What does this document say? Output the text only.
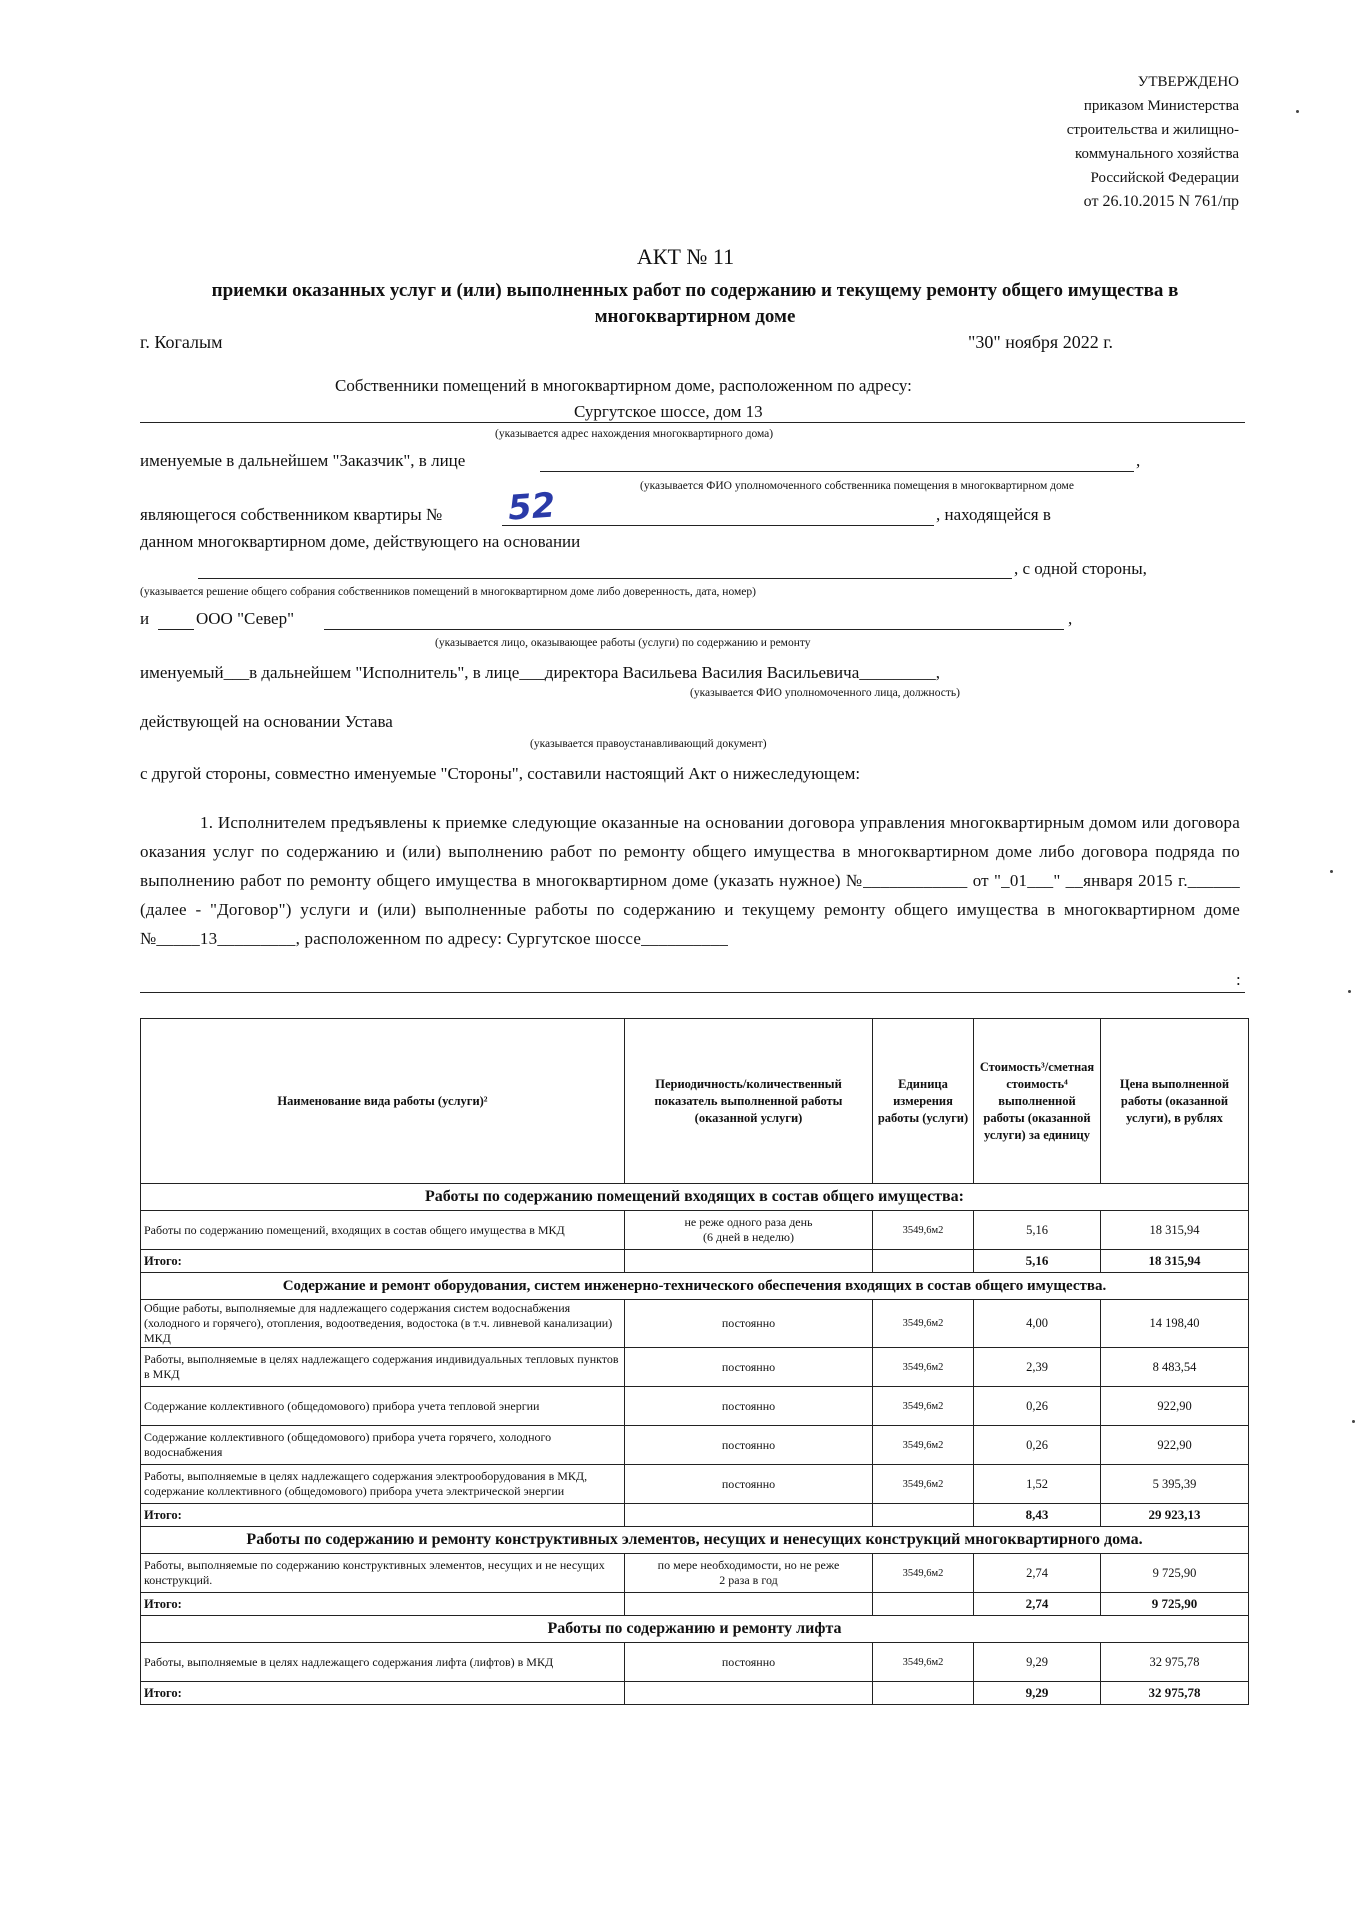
УТВЕРЖДЕНО
приказом Министерства
строительства и жилищно-
коммунального хозяйства
Российской Федерации
от 26.10.2015 N 761/пр
АКТ № 11
приемки оказанных услуг и (или) выполненных работ по содержанию и текущему ремонту общего имущества в многоквартирном доме
г. Когалым	"30" ноября 2022 г.
Собственники помещений в многоквартирном доме, расположенном по адресу:
Сургутское шоссе, дом 13
(указывается адрес нахождения многоквартирного дома)
именуемые в дальнейшем "Заказчик", в лице	,
(указывается ФИО уполномоченного собственника помещения в многоквартирном доме
являющегося собственником квартиры № 52	, находящейся в
данном многоквартирном доме, действующего на основании
, с одной стороны,
(указывается решение общего собрания собственников помещений в многоквартирном доме либо доверенность, дата, номер)
и	ООО "Север"	,
(указывается лицо, оказывающее работы (услуги) по содержанию и ремонту
именуемый___в дальнейшем "Исполнитель", в лице___директора Васильева Василия Васильевича_________,
(указывается ФИО уполномоченного лица, должность)
действующей на основании Устава
(указывается правоустанавливающий документ)
с другой стороны, совместно именуемые "Стороны", составили настоящий Акт о нижеследующем:
1. Исполнителем предъявлены к приемке следующие оказанные на основании договора управления многоквартирным домом или договора оказания услуг по содержанию и (или) выполнению работ по ремонту общего имущества в многоквартирном доме либо договора подряда по выполнению работ по ремонту общего имущества в многоквартирном доме (указать нужное) №____________ от "_01___" __января 2015 г.______ (далее - "Договор") услуги и (или) выполненные работы по содержанию и текущему ремонту общего имущества в многоквартирном доме №_____13_________, расположенном по адресу: Сургутское шоссе__________
:
Наименование вида работы (услуги)²	Периодичность/количественный показатель выполненной работы (оказанной услуги)	Единица измерения работы (услуги)	Стоимость³/сметная стоимость⁴ выполненной работы (оказанной услуги) за единицу	Цена выполненной работы (оказанной услуги), в рублях
Работы по содержанию помещений входящих в состав общего имущества:				
Работы по содержанию помещений, входящих в состав общего имущества в МКД	не реже одного раза день
(6 дней в неделю)	3549,6м2	5,16	18 315,94
Итого:			5,16	18 315,94
Содержание и ремонт оборудования, систем инженерно-технического обеспечения входящих в состав общего имущества.				
Общие работы, выполняемые для надлежащего содержания систем водоснабжения (холодного и горячего), отопления, водоотведения, водостока (в т.ч. ливневой канализации) МКД	постоянно	3549,6м2	4,00	14 198,40
Работы, выполняемые в целях надлежащего содержания индивидуальных тепловых пунктов в МКД	постоянно	3549,6м2	2,39	8 483,54
Содержание коллективного (общедомового) прибора учета тепловой энергии	постоянно	3549,6м2	0,26	922,90
Содержание коллективного (общедомового) прибора учета горячего, холодного водоснабжения	постоянно	3549,6м2	0,26	922,90
Работы, выполняемые в целях надлежащего содержания электрооборудования в МКД, содержание коллективного (общедомового) прибора учета электрической энергии	постоянно	3549,6м2	1,52	5 395,39
Итого:			8,43	29 923,13
Работы по содержанию и ремонту конструктивных элементов, несущих и ненесущих конструкций многоквартирного дома.				
Работы, выполняемые по содержанию конструктивных элементов, несущих и не несущих конструкций.	по мере необходимости, но не реже
2 раза в год	3549,6м2	2,74	9 725,90
Итого:			2,74	9 725,90
Работы по содержанию и ремонту лифта				
Работы, выполняемые в целях надлежащего содержания лифта (лифтов) в МКД	постоянно	3549,6м2	9,29	32 975,78
Итого:			9,29	32 975,78
